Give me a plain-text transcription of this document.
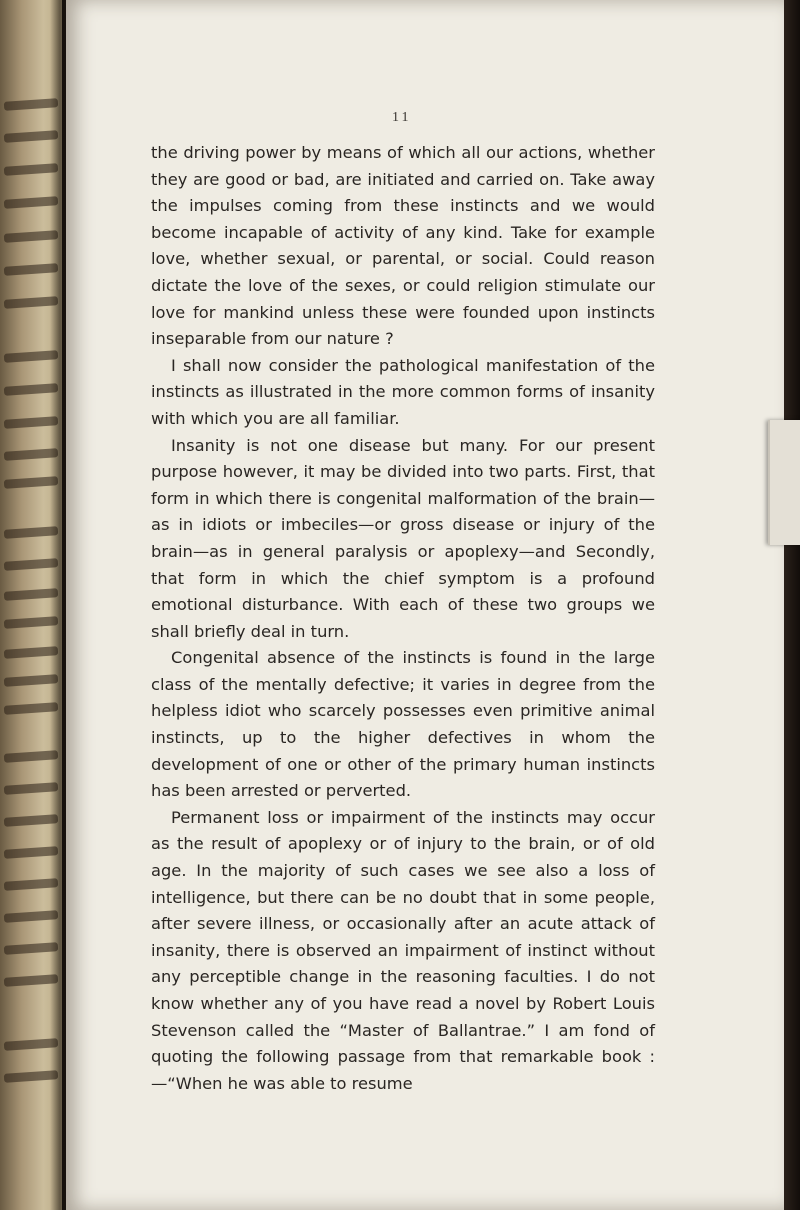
11

the driving power by means of which all our actions, whether they are good or bad, are initiated and carried on. Take away the impulses coming from these instincts and we would become incapable of activity of any kind. Take for example love, whether sexual, or parental, or social. Could reason dictate the love of the sexes, or could religion stimulate our love for mankind unless these were founded upon instincts inseparable from our nature ?

I shall now consider the pathological manifestation of the instincts as illustrated in the more common forms of insanity with which you are all familiar.

Insanity is not one disease but many. For our present purpose however, it may be divided into two parts. First, that form in which there is congenital malformation of the brain—as in idiots or imbeciles—or gross disease or injury of the brain—as in general paralysis or apoplexy—and Secondly, that form in which the chief symptom is a profound emotional disturbance. With each of these two groups we shall briefly deal in turn.

Congenital absence of the instincts is found in the large class of the mentally defective; it varies in degree from the helpless idiot who scarcely possesses even primitive animal instincts, up to the higher defectives in whom the development of one or other of the primary human instincts has been arrested or perverted.

Permanent loss or impairment of the instincts may occur as the result of apoplexy or of injury to the brain, or of old age. In the majority of such cases we see also a loss of intelligence, but there can be no doubt that in some people, after severe illness, or occasionally after an acute attack of insanity, there is observed an impairment of instinct without any perceptible change in the reasoning faculties. I do not know whether any of you have read a novel by Robert Louis Stevenson called the “Master of Ballantrae.” I am fond of quoting the following passage from that remarkable book :—“When he was able to resume
